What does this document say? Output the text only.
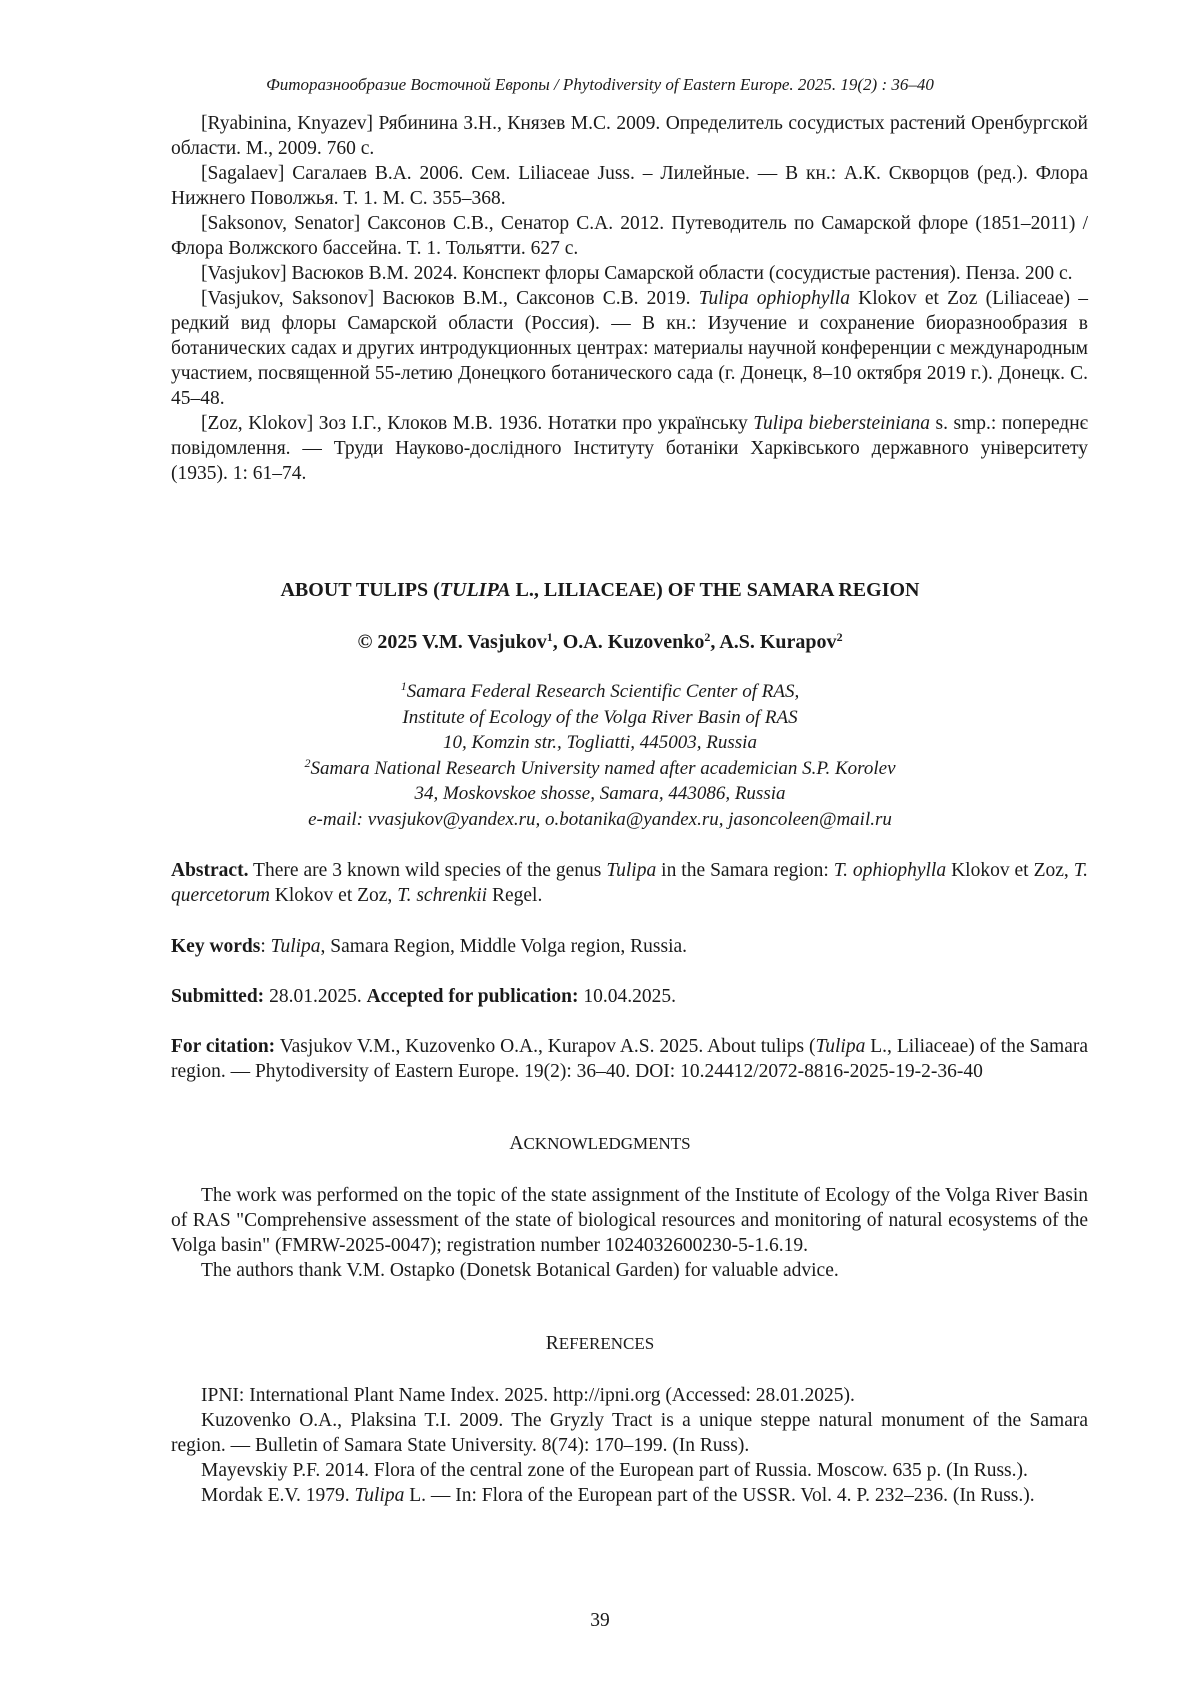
Фиторазнообразие Восточной Европы / Phytodiversity of Eastern Europe. 2025. 19(2) : 36–40

[Ryabinina, Knyazev] Рябинина З.Н., Князев М.С. 2009. Определитель сосудистых растений Оренбургской области. М., 2009. 760 с.

[Sagalaev] Сагалаев В.А. 2006. Сем. Liliaceae Juss. – Лилейные. — В кн.: А.К. Скворцов (ред.). Флора Нижнего Поволжья. Т. 1. М. С. 355–368.

[Saksonov, Senator] Саксонов С.В., Сенатор С.А. 2012. Путеводитель по Самарской флоре (1851–2011) / Флора Волжского бассейна. Т. 1. Тольятти. 627 с.

[Vasjukov] Васюков В.М. 2024. Конспект флоры Самарской области (сосудистые растения). Пенза. 200 с.

[Vasjukov, Saksonov] Васюков В.М., Саксонов С.В. 2019. Tulipa ophiophylla Klokov et Zoz (Liliaceae) – редкий вид флоры Самарской области (Россия). — В кн.: Изучение и сохранение биоразнообразия в ботанических садах и других интродукционных центрах: материалы научной конференции с международным участием, посвященной 55-летию Донецкого ботанического сада (г. Донецк, 8–10 октября 2019 г.). Донецк. С. 45–48.

[Zoz, Klokov] Зоз І.Г., Клоков М.В. 1936. Нотатки про українську Tulipa biebersteiniana s. smp.: попереднє повідомлення. — Труди Науково-дослідного Інституту ботаніки Харківського державного університету (1935). 1: 61–74.

ABOUT TULIPS (TULIPA L., LILIACEAE) OF THE SAMARA REGION
© 2025 V.M. Vasjukov1, O.A. Kuzovenko2, A.S. Kurapov2
1Samara Federal Research Scientific Center of RAS,
Institute of Ecology of the Volga River Basin of RAS
10, Komzin str., Togliatti, 445003, Russia
2Samara National Research University named after academician S.P. Korolev
34, Moskovskoe shosse, Samara, 443086, Russia
e-mail: vvasjukov@yandex.ru, o.botanika@yandex.ru, jasoncoleen@mail.ru

Abstract. There are 3 known wild species of the genus Tulipa in the Samara region: T. ophiophylla Klokov et Zoz, T. quercetorum Klokov et Zoz, T. schrenkii Regel.

Key words: Tulipa, Samara Region, Middle Volga region, Russia.

Submitted: 28.01.2025. Accepted for publication: 10.04.2025.

For citation: Vasjukov V.M., Kuzovenko O.A., Kurapov A.S. 2025. About tulips (Tulipa L., Liliaceae) of the Samara region. — Phytodiversity of Eastern Europe. 19(2): 36–40. DOI: 10.24412/2072-8816-2025-19-2-36-40

ACKNOWLEDGMENTS

The work was performed on the topic of the state assignment of the Institute of Ecology of the Volga River Basin of RAS "Comprehensive assessment of the state of biological resources and monitoring of natural ecosystems of the Volga basin" (FMRW-2025-0047); registration number 1024032600230-5-1.6.19.

The authors thank V.M. Ostapko (Donetsk Botanical Garden) for valuable advice.

REFERENCES

IPNI: International Plant Name Index. 2025. http://ipni.org (Accessed: 28.01.2025).

Kuzovenko O.A., Plaksina T.I. 2009. The Gryzly Tract is a unique steppe natural monument of the Samara region. — Bulletin of Samara State University. 8(74): 170–199. (In Russ).

Mayevskiy P.F. 2014. Flora of the central zone of the European part of Russia. Moscow. 635 p. (In Russ.).

Mordak E.V. 1979. Tulipa L. — In: Flora of the European part of the USSR. Vol. 4. P. 232–236. (In Russ.).

39
